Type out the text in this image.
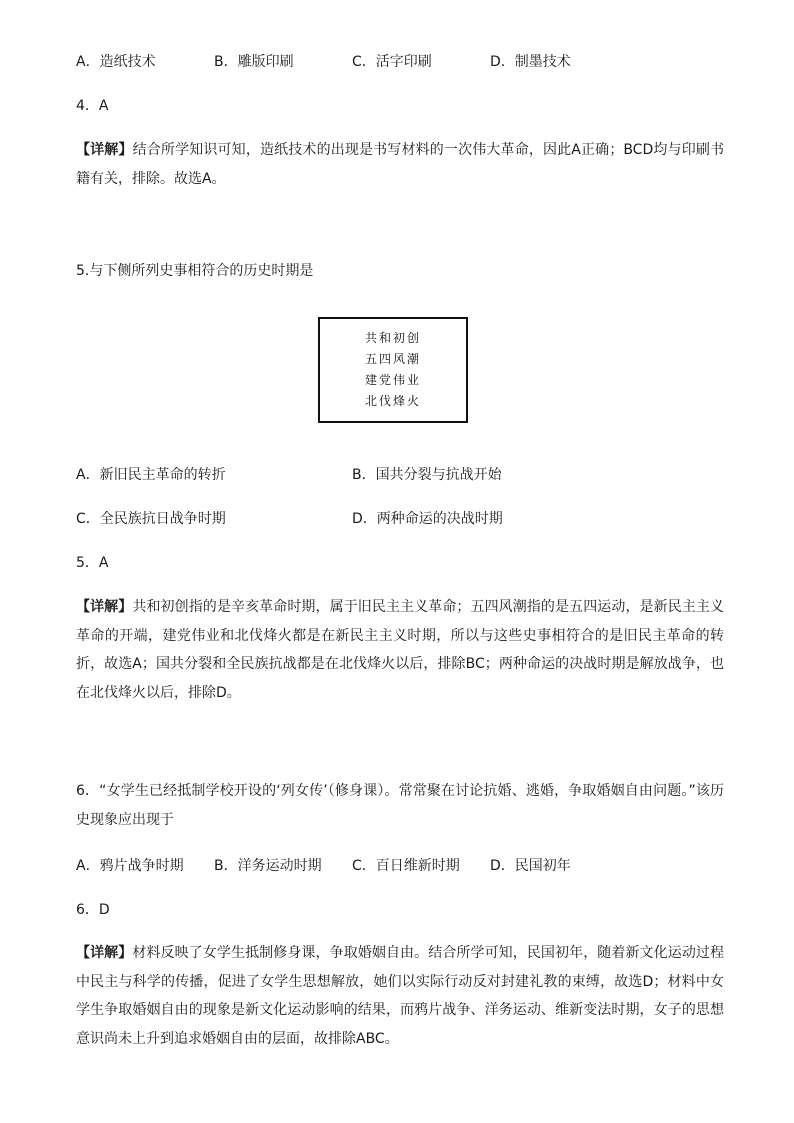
A．造纸技术	B．雕版印刷	C．活字印刷	D．制墨技术
4．A
【详解】结合所学知识可知，造纸技术的出现是书写材料的一次伟大革命，因此A正确；BCD均与印刷书籍有关，排除。故选A。
5.与下侧所列史事相符合的历史时期是
共和初创
五四风潮
建党伟业
北伐烽火
A．新旧民主革命的转折	B．国共分裂与抗战开始
C．全民族抗日战争时期	D．两种命运的决战时期
5．A
【详解】共和初创指的是辛亥革命时期，属于旧民主主义革命；五四风潮指的是五四运动，是新民主主义革命的开端，建党伟业和北伐烽火都是在新民主主义时期，所以与这些史事相符合的是旧民主革命的转折，故选A；国共分裂和全民族抗战都是在北伐烽火以后，排除BC；两种命运的决战时期是解放战争，也在北伐烽火以后，排除D。
6．“女学生已经抵制学校开设的‘列女传’（修身课）。常常聚在讨论抗婚、逃婚，争取婚姻自由问题。”该历史现象应出现于
A．鸦片战争时期 B．洋务运动时期 C．百日维新时期 D．民国初年
6．D
【详解】材料反映了女学生抵制修身课，争取婚姻自由。结合所学可知，民国初年，随着新文化运动过程中民主与科学的传播，促进了女学生思想解放，她们以实际行动反对封建礼教的束缚，故选D；材料中女学生争取婚姻自由的现象是新文化运动影响的结果，而鸦片战争、洋务运动、维新变法时期，女子的思想意识尚未上升到追求婚姻自由的层面，故排除ABC。
